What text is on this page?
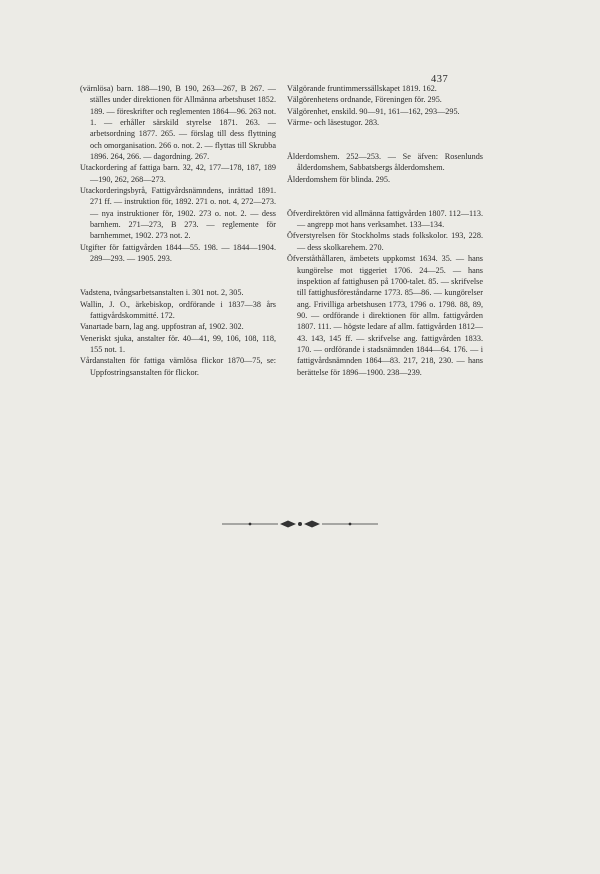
437
(värnlösa) barn. 188—190, B 190, 263—267, B 267. — ställes under direktionen för Allmänna arbetshuset 1852. 189. — föreskrifter och reglementen 1864—96. 263 not. 1. — erhåller särskild styrelse 1871. 263. — arbetsordning 1877. 265. — förslag till dess flyttning och omorganisation. 266 o. not. 2. — flyttas till Skrubba 1896. 264, 266. — dagordning. 267.
Utackordering af fattiga barn. 32, 42, 177—178, 187, 189—190, 262, 268—273.
Utackorderingsbyrå, Fattigvårdsnämndens, inrättad 1891. 271 ff. — instruktion för, 1892. 271 o. not. 4, 272—273. — nya instruktioner för, 1902. 273 o. not. 2. — dess barnhem. 271—273, B 273. — reglemente för barnhemmet, 1902. 273 not. 2.
Utgifter för fattigvården 1844—55. 198. — 1844—1904. 289—293. — 1905. 293.
Vadstena, tvångsarbetsanstalten i. 301 not. 2, 305.
Wallin, J. O., ärkebiskop, ordförande i 1837—38 års fattigvårdskommitté. 172.
Vanartade barn, lag ang. uppfostran af, 1902. 302.
Veneriskt sjuka, anstalter för. 40—41, 99, 106, 108, 118, 155 not. 1.
Vårdanstalten för fattiga värnlösa flickor 1870—75, se: Uppfostringsanstalten för flickor.
Välgörande fruntimmerssällskapet 1819. 162.
Välgörenhetens ordnande, Föreningen för. 295.
Välgörenhet, enskild. 90—91, 161—162, 293—295.
Värme- och läsestugor. 283.
Ålderdomshem. 252—253. — Se äfven: Rosenlunds ålderdomshem, Sabbatsbergs ålderdomshem.
Ålderdomshem för blinda. 295.
Öfverdirektören vid allmänna fattigvården 1807. 112—113. — angrepp mot hans verksamhet. 133—134.
Öfverstyrelsen för Stockholms stads folkskolor. 193, 228. — dess skolkarehem. 270.
Öfverståthållaren, ämbetets uppkomst 1634. 35. — hans kungörelse mot tiggeriet 1706. 24—25. — hans inspektion af fattighusen på 1700-talet. 85. — skrifvelse till fattighusföreståndarne 1773. 85—86. — kungörelser ang. Frivilliga arbetshusen 1773, 1796 o. 1798. 88, 89, 90. — ordförande i direktionen för allm. fattigvården 1807. 111. — högste ledare af allm. fattigvården 1812—43. 143, 145 ff. — skrifvelse ang. fattigvården 1833. 170. — ordförande i stadsnämnden 1844—64. 176. — i fattigvårdsnämnden 1864—83. 217, 218, 230. — hans berättelse för 1896—1900. 238—239.
